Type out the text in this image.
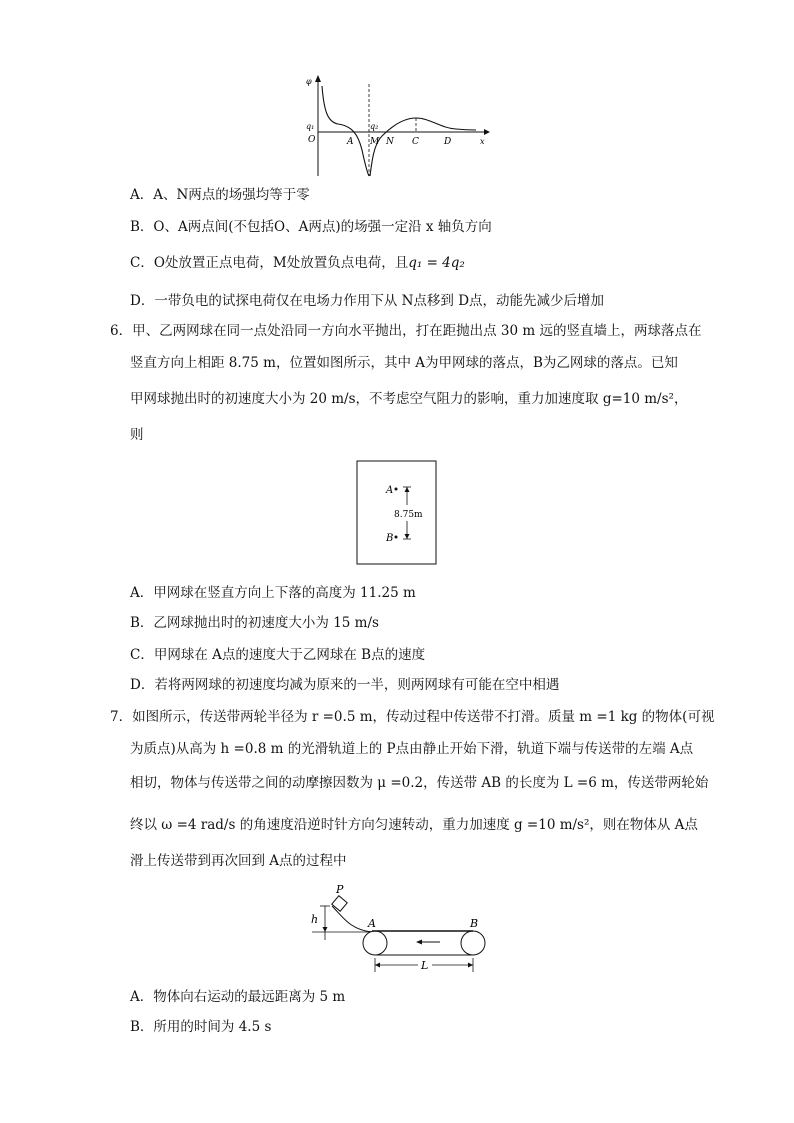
φ
q₁
O	A
q₂
M N C	D	x
A．A、N两点的场强均等于零
B．O、A两点间(不包括O、A两点)的场强一定沿 x 轴负方向
C．O处放置正点电荷，M处放置负点电荷，且q₁ = 4q₂
D．一带负电的试探电荷仅在电场力作用下从 N点移到 D点，动能先减少后增加
6．甲、乙两网球在同一点处沿同一方向水平抛出，打在距抛出点 30 m 远的竖直墙上，两球落点在
竖直方向上相距 8.75 m，位置如图所示，其中 A为甲网球的落点，B为乙网球的落点。已知
甲网球抛出时的初速度大小为 20 m/s，不考虑空气阻力的影响，重力加速度取 g=10 m/s²，
则
A
B
8.75m
A．甲网球在竖直方向上下落的高度为 11.25 m
B．乙网球抛出时的初速度大小为 15 m/s
C．甲网球在 A点的速度大于乙网球在 B点的速度
D．若将两网球的初速度均减为原来的一半，则两网球有可能在空中相遇
7．如图所示，传送带两轮半径为 r =0.5 m，传动过程中传送带不打滑。质量 m =1 kg 的物体(可视
为质点)从高为 h =0.8 m 的光滑轨道上的 P点由静止开始下滑，轨道下端与传送带的左端 A点
相切，物体与传送带之间的动摩擦因数为 μ =0.2，传送带 AB 的长度为 L =6 m，传送带两轮始
终以 ω =4 rad/s 的角速度沿逆时针方向匀速转动，重力加速度 g =10 m/s²，则在物体从 A点
滑上传送带到再次回到 A点的过程中
h
P
A	B
L
A．物体向右运动的最远距离为 5 m
B．所用的时间为 4.5 s
